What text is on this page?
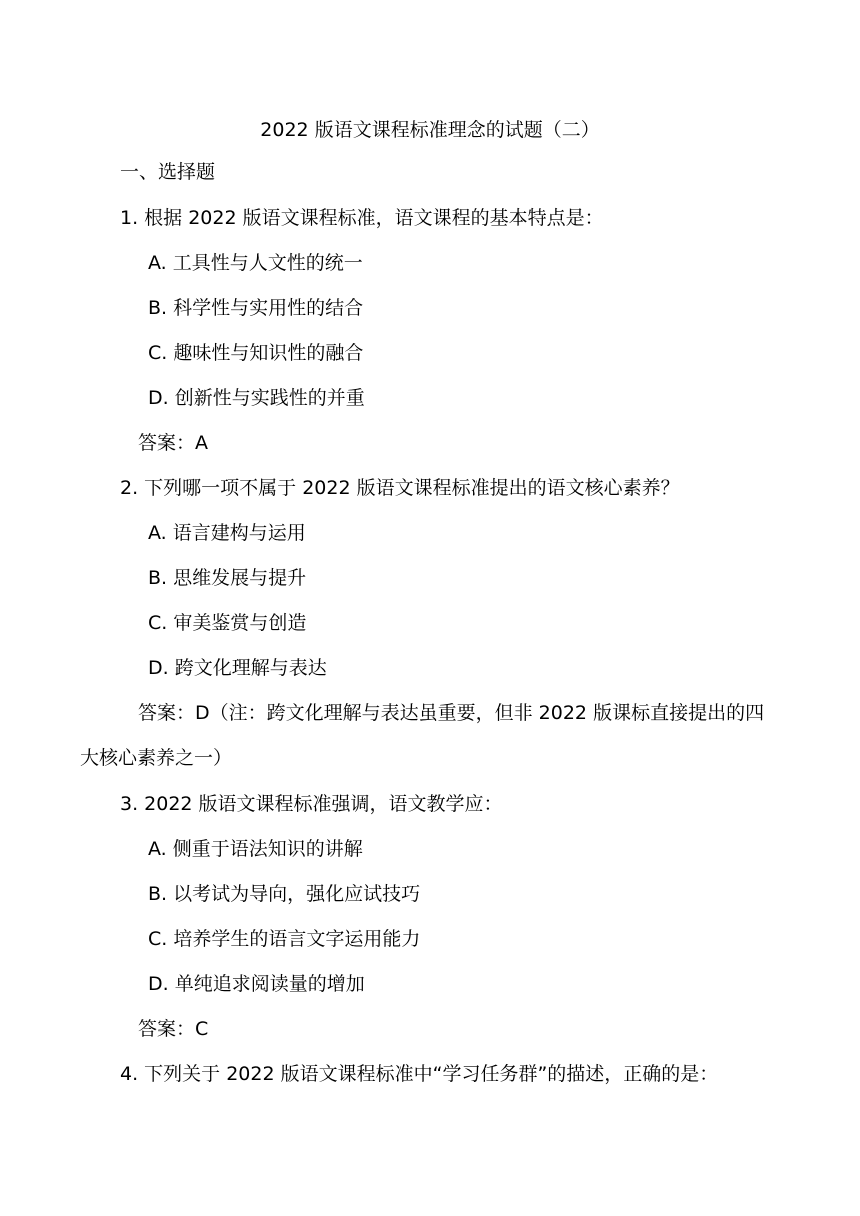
2022 版语文课程标准理念的试题（二）
一、选择题
1. 根据 2022 版语文课程标准，语文课程的基本特点是：
A. 工具性与人文性的统一
B. 科学性与实用性的结合
C. 趣味性与知识性的融合
D. 创新性与实践性的并重
答案：A
2. 下列哪一项不属于 2022 版语文课程标准提出的语文核心素养？
A. 语言建构与运用
B. 思维发展与提升
C. 审美鉴赏与创造
D. 跨文化理解与表达
答案：D（注：跨文化理解与表达虽重要，但非 2022 版课标直接提出的四
大核心素养之一）
3. 2022 版语文课程标准强调，语文教学应：
A. 侧重于语法知识的讲解
B. 以考试为导向，强化应试技巧
C. 培养学生的语言文字运用能力
D. 单纯追求阅读量的增加
答案：C
4. 下列关于 2022 版语文课程标准中“学习任务群”的描述，正确的是：
